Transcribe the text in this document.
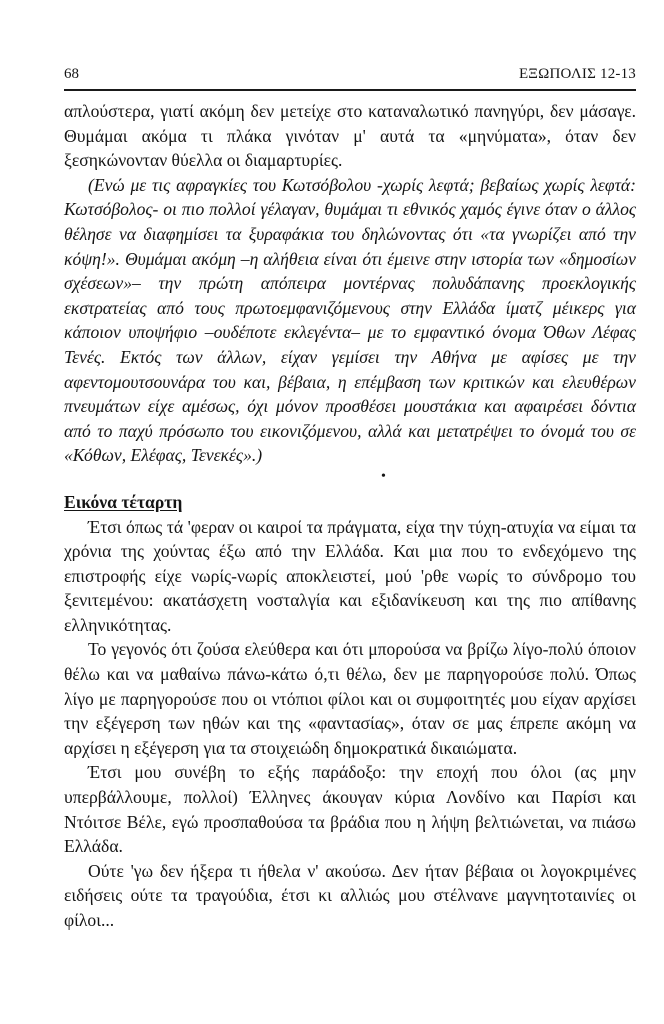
68	ΕΞΩΠΟΛΙΣ 12-13

απλούστερα, γιατί ακόμη δεν μετείχε στο καταναλωτικό πανηγύρι, δεν μάσαγε. Θυμάμαι ακόμα τι πλάκα γινόταν μ' αυτά τα «μηνύματα», όταν δεν ξεσηκώνονταν θύελλα οι διαμαρτυρίες.

(Ενώ με τις αφραγκίες του Κωτσόβολου -χωρίς λεφτά; βεβαίως χωρίς λεφτά: Κωτσόβολος- οι πιο πολλοί γέλαγαν, θυμάμαι τι εθνικός χαμός έγινε όταν ο άλλος θέλησε να διαφημίσει τα ξυραφάκια του δηλώνοντας ότι «τα γνωρίζει από την κόψη!». Θυμάμαι ακόμη –η αλήθεια είναι ότι έμεινε στην ιστορία των «δημοσίων σχέσεων»– την πρώτη απόπειρα μοντέρνας πολυδάπανης προεκλογικής εκστρατείας από τους πρωτοεμφανιζόμενους στην Ελλάδα ίματζ μέικερς για κάποιον υποψήφιο –ουδέποτε εκλεγέντα– με το εμφαντικό όνομα Όθων Λέφας Τενές. Εκτός των άλλων, είχαν γεμίσει την Αθήνα με αφίσες με την αφεντομουτσουνάρα του και, βέβαια, η επέμβαση των κριτικών και ελευθέρων πνευμάτων είχε αμέσως, όχι μόνον προσθέσει μουστάκια και αφαιρέσει δόντια από το παχύ πρόσωπο του εικονιζόμενου, αλλά και μετατρέψει το όνομά του σε «Κόθων, Ελέφας, Τενεκές».)

•

Εικόνα τέταρτη

Έτσι όπως τά 'φεραν οι καιροί τα πράγματα, είχα την τύχη-ατυχία να είμαι τα χρόνια της χούντας έξω από την Ελλάδα. Και μια που το ενδεχόμενο της επιστροφής είχε νωρίς-νωρίς αποκλειστεί, μού 'ρθε νωρίς το σύνδρομο του ξενιτεμένου: ακατάσχετη νοσταλγία και εξιδανίκευση και της πιο απίθανης ελληνικότητας.

Το γεγονός ότι ζούσα ελεύθερα και ότι μπορούσα να βρίζω λίγο-πολύ όποιον θέλω και να μαθαίνω πάνω-κάτω ό,τι θέλω, δεν με παρηγορούσε πολύ. Όπως λίγο με παρηγορούσε που οι ντόπιοι φίλοι και οι συμφοιτητές μου είχαν αρχίσει την εξέγερση των ηθών και της «φαντασίας», όταν σε μας έπρεπε ακόμη να αρχίσει η εξέγερση για τα στοιχειώδη δημοκρατικά δικαιώματα.

Έτσι μου συνέβη το εξής παράδοξο: την εποχή που όλοι (ας μην υπερβάλλουμε, πολλοί) Έλληνες άκουγαν κύρια Λονδίνο και Παρίσι και Ντόιτσε Βέλε, εγώ προσπαθούσα τα βράδια που η λήψη βελτιώνεται, να πιάσω Ελλάδα.

Ούτε 'γω δεν ήξερα τι ήθελα ν' ακούσω. Δεν ήταν βέβαια οι λογοκριμένες ειδήσεις ούτε τα τραγούδια, έτσι κι αλλιώς μου στέλνανε μαγνητοταινίες οι φίλοι...
